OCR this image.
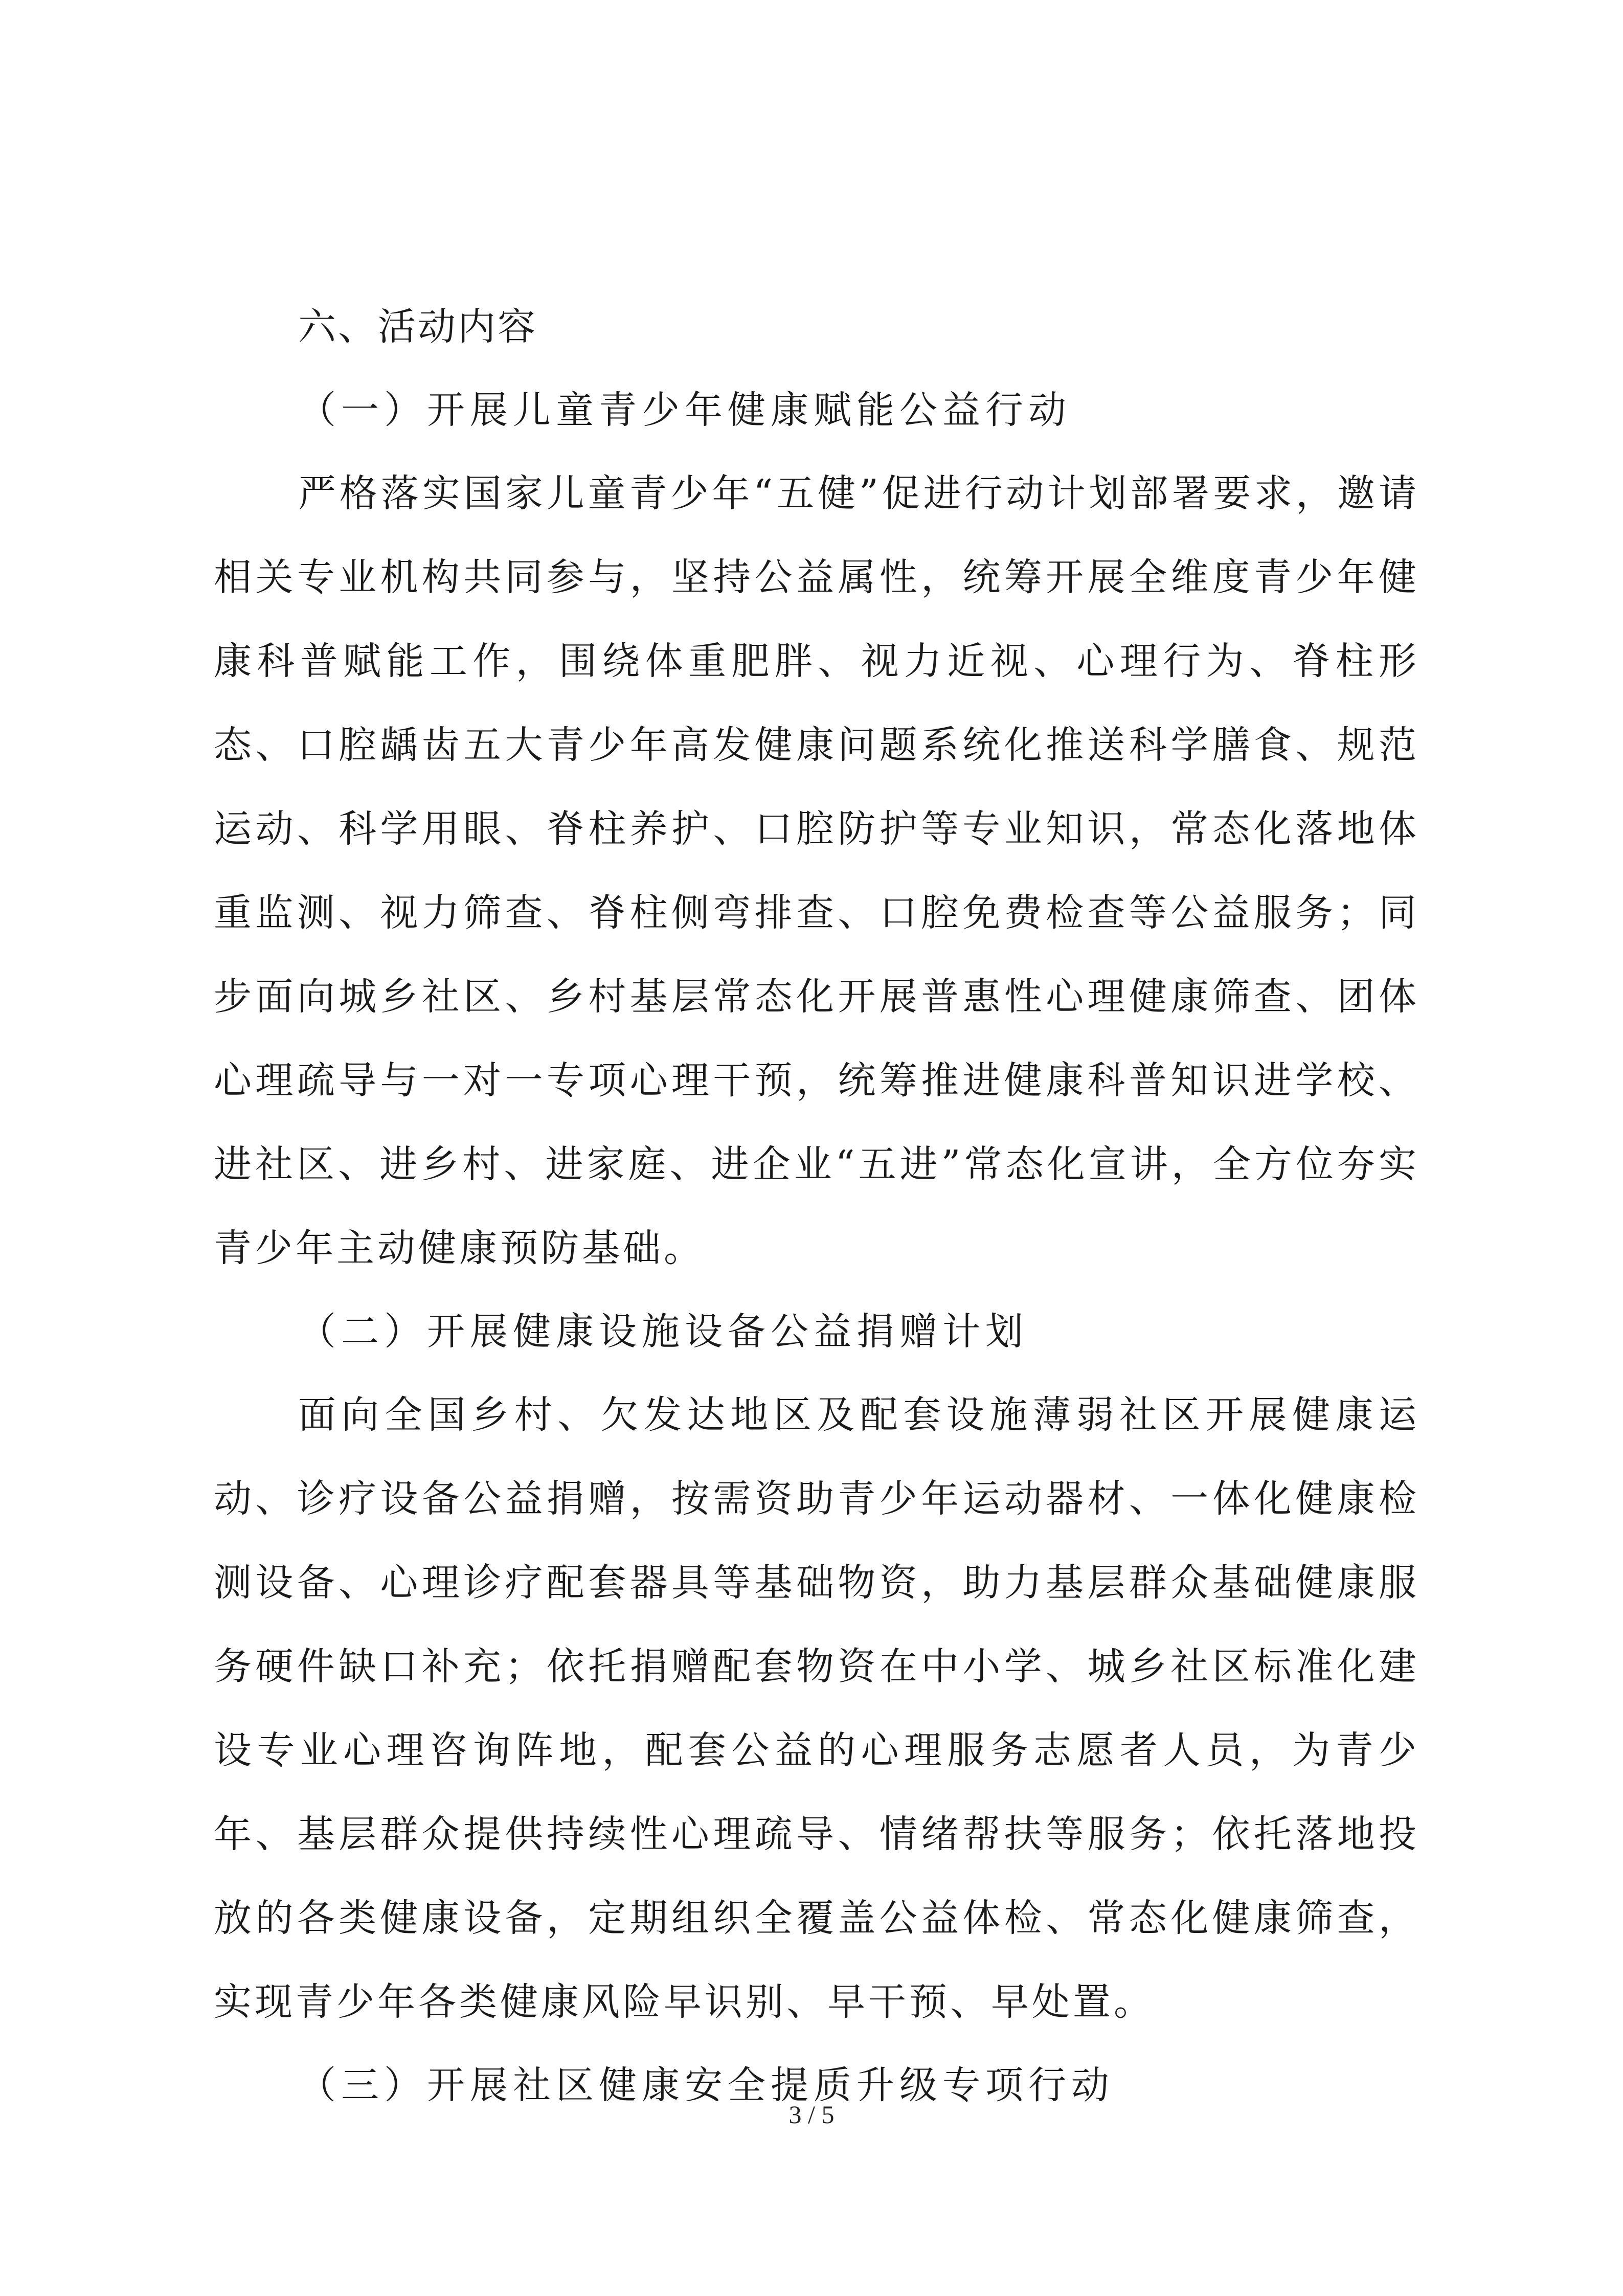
六、活动内容
（一）开展儿童青少年健康赋能公益行动

严格落实国家儿童青少年“五健”促进行动计划部署要求，邀请相关专业机构共同参与，坚持公益属性，统筹开展全维度青少年健康科普赋能工作，围绕体重肥胖、视力近视、心理行为、脊柱形态、口腔龋齿五大青少年高发健康问题系统化推送科学膳食、规范运动、科学用眼、脊柱养护、口腔防护等专业知识，常态化落地体重监测、视力筛查、脊柱侧弯排查、口腔免费检查等公益服务；同步面向城乡社区、乡村基层常态化开展普惠性心理健康筛查、团体心理疏导与一对一专项心理干预，统筹推进健康科普知识进学校、进社区、进乡村、进家庭、进企业“五进”常态化宣讲，全方位夯实青少年主动健康预防基础。

（二）开展健康设施设备公益捐赠计划

面向全国乡村、欠发达地区及配套设施薄弱社区开展健康运动、诊疗设备公益捐赠，按需资助青少年运动器材、一体化健康检测设备、心理诊疗配套器具等基础物资，助力基层群众基础健康服务硬件缺口补充；依托捐赠配套物资在中小学、城乡社区标准化建设专业心理咨询阵地，配套公益的心理服务志愿者人员，为青少年、基层群众提供持续性心理疏导、情绪帮扶等服务；依托落地投放的各类健康设备，定期组织全覆盖公益体检、常态化健康筛查，实现青少年各类健康风险早识别、早干预、早处置。

（三）开展社区健康安全提质升级专项行动
3 / 5
